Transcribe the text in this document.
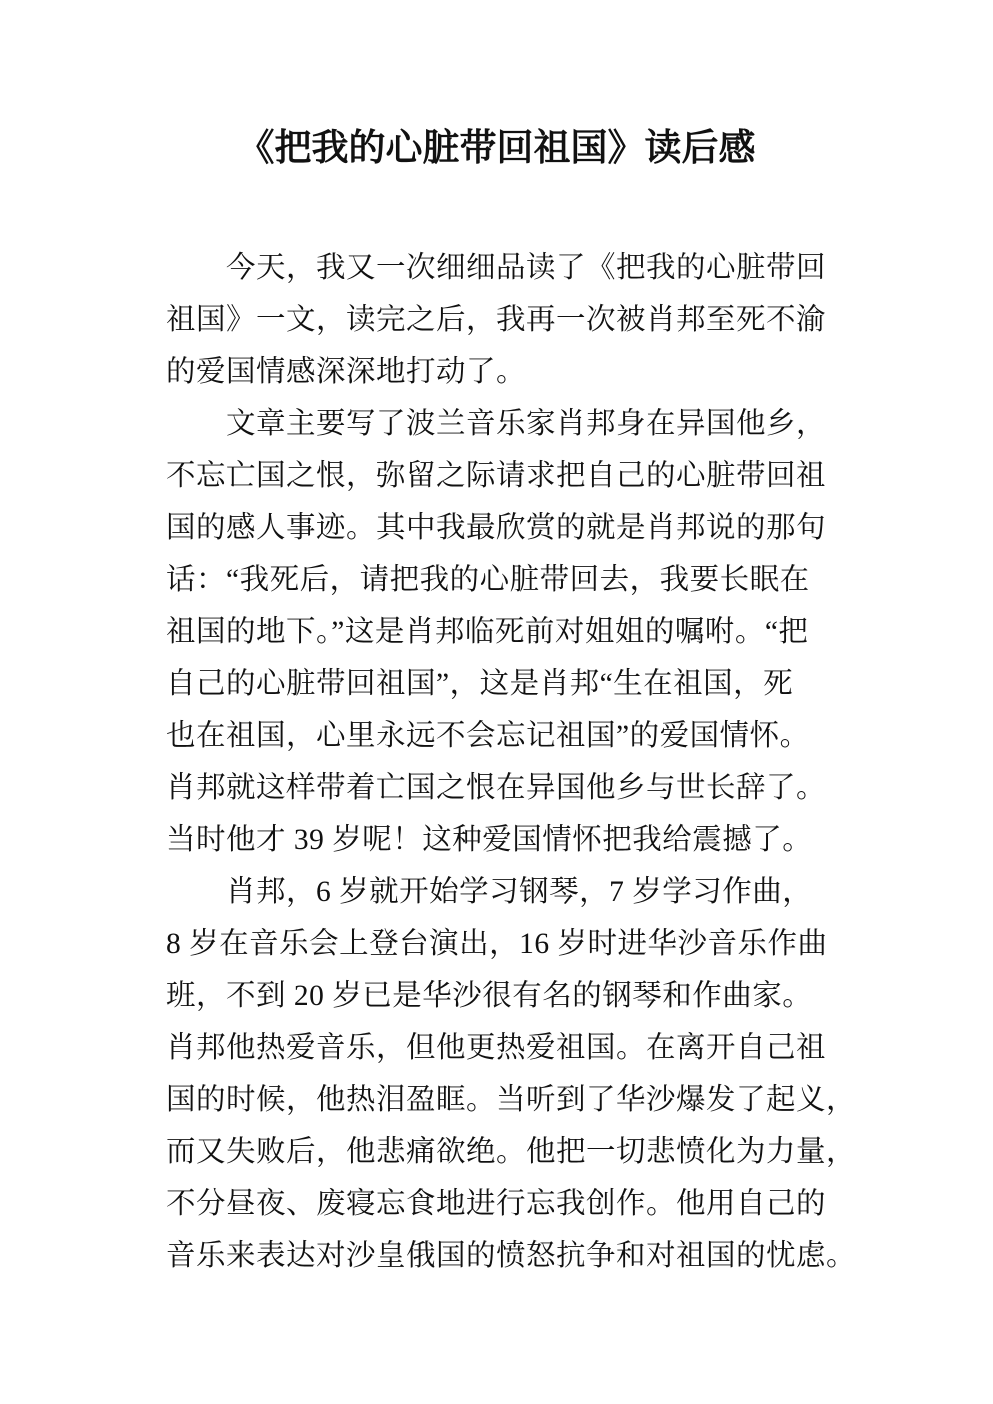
《把我的心脏带回祖国》读后感
今天，我又一次细细品读了《把我的心脏带回
祖国》一文，读完之后，我再一次被肖邦至死不渝
的爱国情感深深地打动了。
文章主要写了波兰音乐家肖邦身在异国他乡，
不忘亡国之恨，弥留之际请求把自己的心脏带回祖
国的感人事迹。其中我最欣赏的就是肖邦说的那句
话：“我死后，请把我的心脏带回去，我要长眠在
祖国的地下。”这是肖邦临死前对姐姐的嘱咐。“把
自己的心脏带回祖国”，这是肖邦“生在祖国，死
也在祖国，心里永远不会忘记祖国”的爱国情怀。
肖邦就这样带着亡国之恨在异国他乡与世长辞了。
当时他才 39 岁呢！这种爱国情怀把我给震撼了。
肖邦，6 岁就开始学习钢琴，7 岁学习作曲，
8 岁在音乐会上登台演出，16 岁时进华沙音乐作曲
班，不到 20 岁已是华沙很有名的钢琴和作曲家。
肖邦他热爱音乐，但他更热爱祖国。在离开自己祖
国的时候，他热泪盈眶。当听到了华沙爆发了起义，
而又失败后，他悲痛欲绝。他把一切悲愤化为力量，
不分昼夜、废寝忘食地进行忘我创作。他用自己的
音乐来表达对沙皇俄国的愤怒抗争和对祖国的忧虑。
